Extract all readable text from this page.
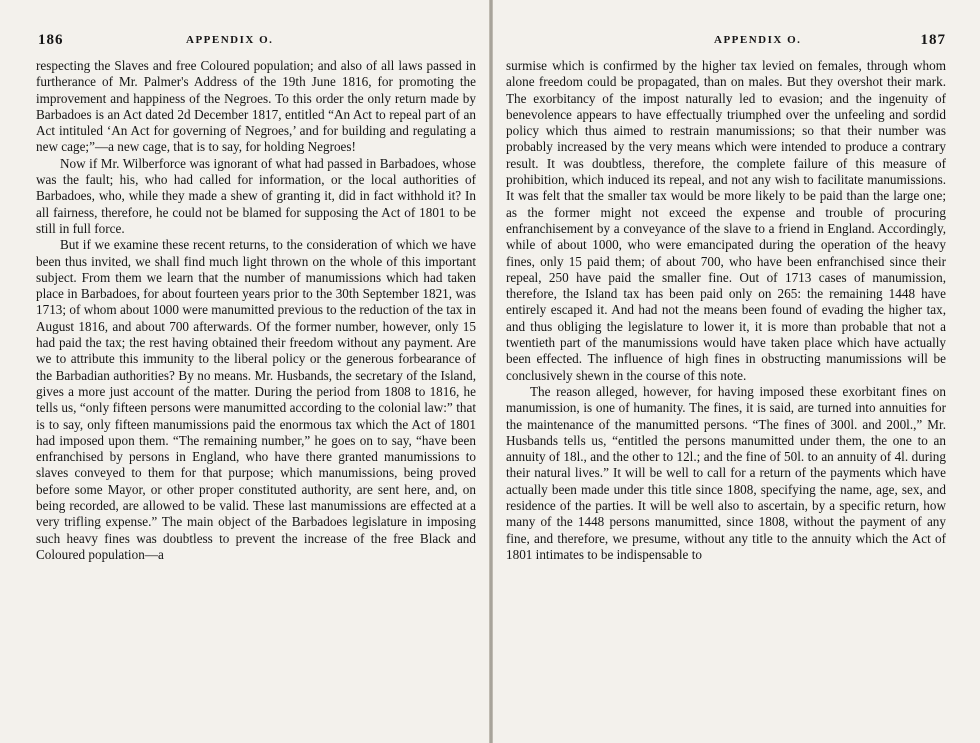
186	APPENDIX O.

respecting the Slaves and free Coloured population; and also of all laws passed in furtherance of Mr. Palmer's Address of the 19th June 1816, for promoting the improvement and happiness of the Negroes. To this order the only return made by Barbadoes is an Act dated 2d December 1817, entitled “An Act to repeal part of an Act intituled ‘An Act for governing of Negroes,’ and for building and regulating a new cage;”—a new cage, that is to say, for holding Negroes!

Now if Mr. Wilberforce was ignorant of what had passed in Barbadoes, whose was the fault; his, who had called for information, or the local authorities of Barbadoes, who, while they made a shew of granting it, did in fact withhold it? In all fairness, therefore, he could not be blamed for supposing the Act of 1801 to be still in full force.

But if we examine these recent returns, to the consideration of which we have been thus invited, we shall find much light thrown on the whole of this important subject. From them we learn that the number of manumissions which had taken place in Barbadoes, for about fourteen years prior to the 30th September 1821, was 1713; of whom about 1000 were manumitted previous to the reduction of the tax in August 1816, and about 700 afterwards. Of the former number, however, only 15 had paid the tax; the rest having obtained their freedom without any payment. Are we to attribute this immunity to the liberal policy or the generous forbearance of the Barbadian authorities? By no means. Mr. Husbands, the secretary of the Island, gives a more just account of the matter. During the period from 1808 to 1816, he tells us, “only fifteen persons were manumitted according to the colonial law:” that is to say, only fifteen manumissions paid the enormous tax which the Act of 1801 had imposed upon them. “The remaining number,” he goes on to say, “have been enfranchised by persons in England, who have there granted manumissions to slaves conveyed to them for that purpose; which manumissions, being proved before some Mayor, or other proper constituted authority, are sent here, and, on being recorded, are allowed to be valid. These last manumissions are effected at a very trifling expense.” The main object of the Barbadoes legislature in imposing such heavy fines was doubtless to prevent the increase of the free Black and Coloured population—a

APPENDIX O.	187

surmise which is confirmed by the higher tax levied on females, through whom alone freedom could be propagated, than on males. But they overshot their mark. The exorbitancy of the impost naturally led to evasion; and the ingenuity of benevolence appears to have effectually triumphed over the unfeeling and sordid policy which thus aimed to restrain manumissions; so that their number was probably increased by the very means which were intended to produce a contrary result. It was doubtless, therefore, the complete failure of this measure of prohibition, which induced its repeal, and not any wish to facilitate manumissions. It was felt that the smaller tax would be more likely to be paid than the large one; as the former might not exceed the expense and trouble of procuring enfranchisement by a conveyance of the slave to a friend in England. Accordingly, while of about 1000, who were emancipated during the operation of the heavy fines, only 15 paid them; of about 700, who have been enfranchised since their repeal, 250 have paid the smaller fine. Out of 1713 cases of manumission, therefore, the Island tax has been paid only on 265: the remaining 1448 have entirely escaped it. And had not the means been found of evading the higher tax, and thus obliging the legislature to lower it, it is more than probable that not a twentieth part of the manumissions would have taken place which have actually been effected. The influence of high fines in obstructing manumissions will be conclusively shewn in the course of this note.

The reason alleged, however, for having imposed these exorbitant fines on manumission, is one of humanity. The fines, it is said, are turned into annuities for the maintenance of the manumitted persons. “The fines of 300l. and 200l.,” Mr. Husbands tells us, “entitled the persons manumitted under them, the one to an annuity of 18l., and the other to 12l.; and the fine of 50l. to an annuity of 4l. during their natural lives.” It will be well to call for a return of the payments which have actually been made under this title since 1808, specifying the name, age, sex, and residence of the parties. It will be well also to ascertain, by a specific return, how many of the 1448 persons manumitted, since 1808, without the payment of any fine, and therefore, we presume, without any title to the annuity which the Act of 1801 intimates to be indispensable to
